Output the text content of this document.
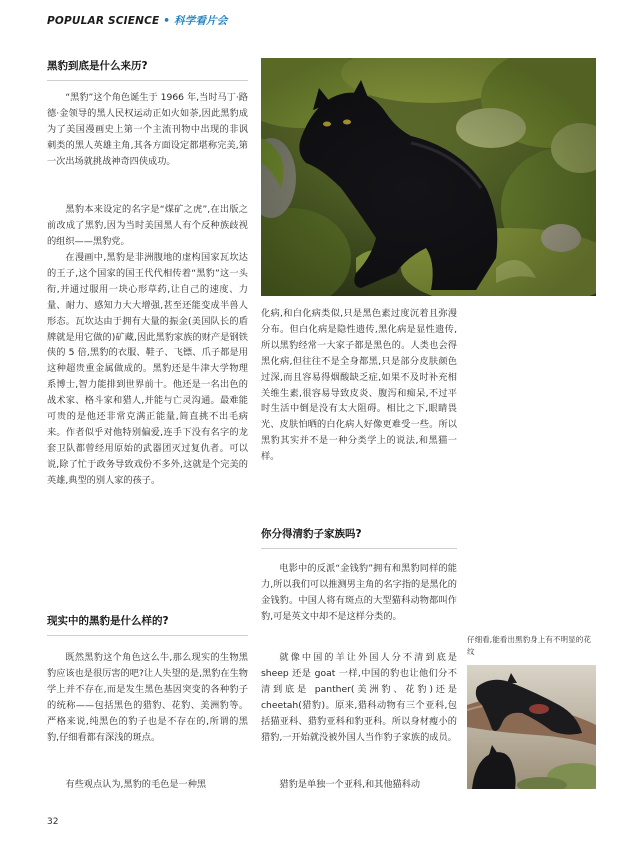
POPULAR SCIENCE • 科学看片会
黑豹到底是什么来历?

“黑豹”这个角色诞生于 1966 年,当时马丁·路德·金领导的黑人民权运动正如火如荼,因此黑豹成为了美国漫画史上第一个主流刊物中出现的非讽刺类的黑人英雄主角,其各方面设定都堪称完美,第一次出场就挑战神奇四侠成功。

黑豹本来设定的名字是“煤矿之虎”,在出版之前改成了黑豹,因为当时美国黑人有个反种族歧视的组织——黑豹党。

在漫画中,黑豹是非洲腹地的虚构国家瓦坎达的王子,这个国家的国王代代相传着“黑豹”这一头衔,并通过服用一块心形草药,让自己的速度、力量、耐力、感知力大大增强,甚至还能变成半兽人形态。瓦坎达由于拥有大量的振金(美国队长的盾牌就是用它做的)矿藏,因此黑豹家族的财产是钢铁侠的 5 倍,黑豹的衣服、鞋子、飞镖、爪子都是用这种超贵重金属做成的。黑豹还是牛津大学物理系博士,智力能排到世界前十。他还是一名出色的战术家、格斗家和猎人,并能与亡灵沟通。最难能可贵的是他还非常克满正能量,简直挑不出毛病来。作者似乎对他特别偏爱,连手下没有名字的龙套卫队都曾经用原始的武器团灭过复仇者。可以说,除了忙于政务导致戏份不多外,这就是个完美的英雄,典型的别人家的孩子。

现实中的黑豹是什么样的?

既然黑豹这个角色这么牛,那么现实的生物黑豹应该也是很厉害的吧?让人失望的是,黑豹在生物学上并不存在,而是发生黑色基因突变的各种豹子的统称——包括黑色的猎豹、花豹、美洲豹等。严格来说,纯黑色的豹子也是不存在的,所谓的黑豹,仔细看都有深浅的斑点。

有些观点认为,黑豹的毛色是一种黑

化病,和白化病类似,只是黑色素过度沉着且弥漫分布。但白化病是隐性遗传,黑化病是显性遗传,所以黑豹经常一大家子都是黑色的。人类也会得黑化病,但往往不是全身都黑,只是部分皮肤颜色过深,而且容易得烟酸缺乏症,如果不及时补充相关维生素,很容易导致皮炎、腹泻和痴呆,不过平时生活中倒是没有太大阻碍。相比之下,眼睛畏光、皮肤怕晒的白化病人好像更难受一些。所以黑豹其实并不是一种分类学上的说法,和黑猫一样。

你分得清豹子家族吗?

电影中的反派“金钱豹”拥有和黑豹同样的能力,所以我们可以推测男主角的名字指的是黑化的金钱豹。中国人将有斑点的大型猫科动物都叫作豹,可是英文中却不是这样分类的。

就像中国的羊让外国人分不清到底是 sheep 还是 goat 一样,中国的豹也让他们分不清到底是 panther(美洲豹、花豹)还是 cheetah(猎豹)。原来,猎科动物有三个亚科,包括猫亚科、猎豹亚科和豹亚科。所以身材瘦小的猎豹,一开始就没被外国人当作豹子家族的成员。

猎豹是单独一个亚科,和其他猫科动

仔细看,能看出黑豹身上有不明显的花纹
32
